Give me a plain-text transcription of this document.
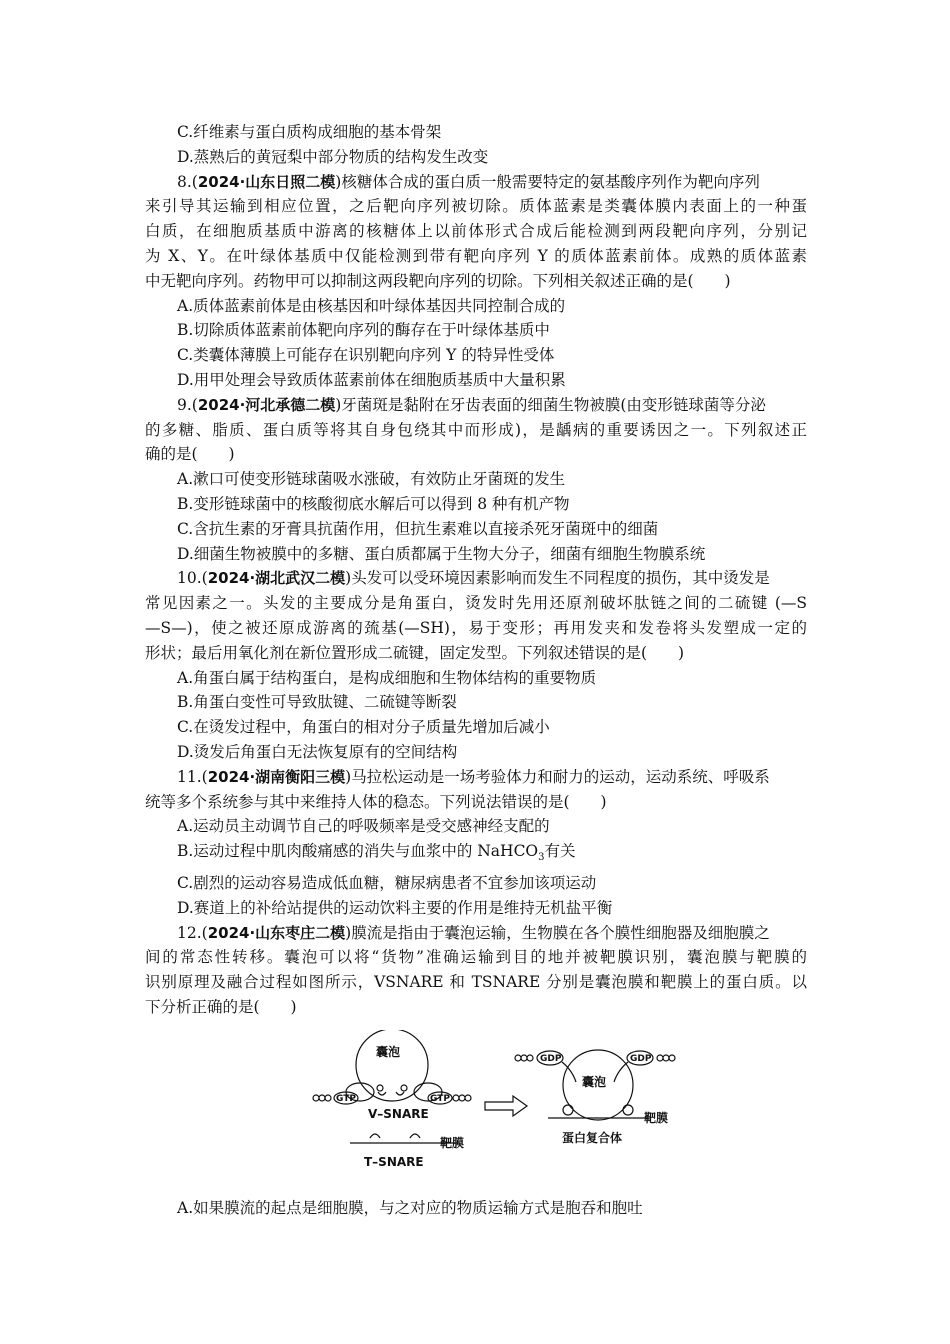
C.纤维素与蛋白质构成细胞的基本骨架
D.蒸熟后的黄冠梨中部分物质的结构发生改变
8.(2024·山东日照二模)核糖体合成的蛋白质一般需要特定的氨基酸序列作为靶向序列
来引导其运输到相应位置，之后靶向序列被切除。质体蓝素是类囊体膜内表面上的一种蛋
白质，在细胞质基质中游离的核糖体上以前体形式合成后能检测到两段靶向序列，分别记
为 X、Y。在叶绿体基质中仅能检测到带有靶向序列 Y 的质体蓝素前体。成熟的质体蓝素
中无靶向序列。药物甲可以抑制这两段靶向序列的切除。下列相关叙述正确的是(　　)
A.质体蓝素前体是由核基因和叶绿体基因共同控制合成的
B.切除质体蓝素前体靶向序列的酶存在于叶绿体基质中
C.类囊体薄膜上可能存在识别靶向序列 Y 的特异性受体
D.用甲处理会导致质体蓝素前体在细胞质基质中大量积累
9.(2024·河北承德二模)牙菌斑是黏附在牙齿表面的细菌生物被膜(由变形链球菌等分泌
的多糖、脂质、蛋白质等将其自身包绕其中而形成)，是龋病的重要诱因之一。下列叙述正
确的是(　　)
A.漱口可使变形链球菌吸水涨破，有效防止牙菌斑的发生
B.变形链球菌中的核酸彻底水解后可以得到 8 种有机产物
C.含抗生素的牙膏具抗菌作用，但抗生素难以直接杀死牙菌斑中的细菌
D.细菌生物被膜中的多糖、蛋白质都属于生物大分子，细菌有细胞生物膜系统
10.(2024·湖北武汉二模)头发可以受环境因素影响而发生不同程度的损伤，其中烫发是
常见因素之一。头发的主要成分是角蛋白，烫发时先用还原剂破坏肽链之间的二硫键 (—S
—S—)，使之被还原成游离的巯基(—SH)，易于变形；再用发夹和发卷将头发塑成一定的
形状；最后用氧化剂在新位置形成二硫键，固定发型。下列叙述错误的是(　　)
A.角蛋白属于结构蛋白，是构成细胞和生物体结构的重要物质
B.角蛋白变性可导致肽键、二硫键等断裂
C.在烫发过程中，角蛋白的相对分子质量先增加后减小
D.烫发后角蛋白无法恢复原有的空间结构
11.(2024·湖南衡阳三模)马拉松运动是一场考验体力和耐力的运动，运动系统、呼吸系
统等多个系统参与其中来维持人体的稳态。下列说法错误的是(　　)
A.运动员主动调节自己的呼吸频率是受交感神经支配的
B.运动过程中肌肉酸痛感的消失与血浆中的 NaHCO$_3$有关
C.剧烈的运动容易造成低血糖，糖尿病患者不宜参加该项运动
D.赛道上的补给站提供的运动饮料主要的作用是维持无机盐平衡
12.(2024·山东枣庄二模)膜流是指由于囊泡运输，生物膜在各个膜性细胞器及细胞膜之
间的常态性转移。囊泡可以将“货物”准确运输到目的地并被靶膜识别，囊泡膜与靶膜的
识别原理及融合过程如图所示，VSNARE 和 TSNARE 分别是囊泡膜和靶膜上的蛋白质。以
下分析正确的是(　　)
囊泡
GTP	GTP
V–SNARE
靶膜
T–SNARE
GDP	GDP
囊泡
靶膜
蛋白复合体
A.如果膜流的起点是细胞膜，与之对应的物质运输方式是胞吞和胞吐
